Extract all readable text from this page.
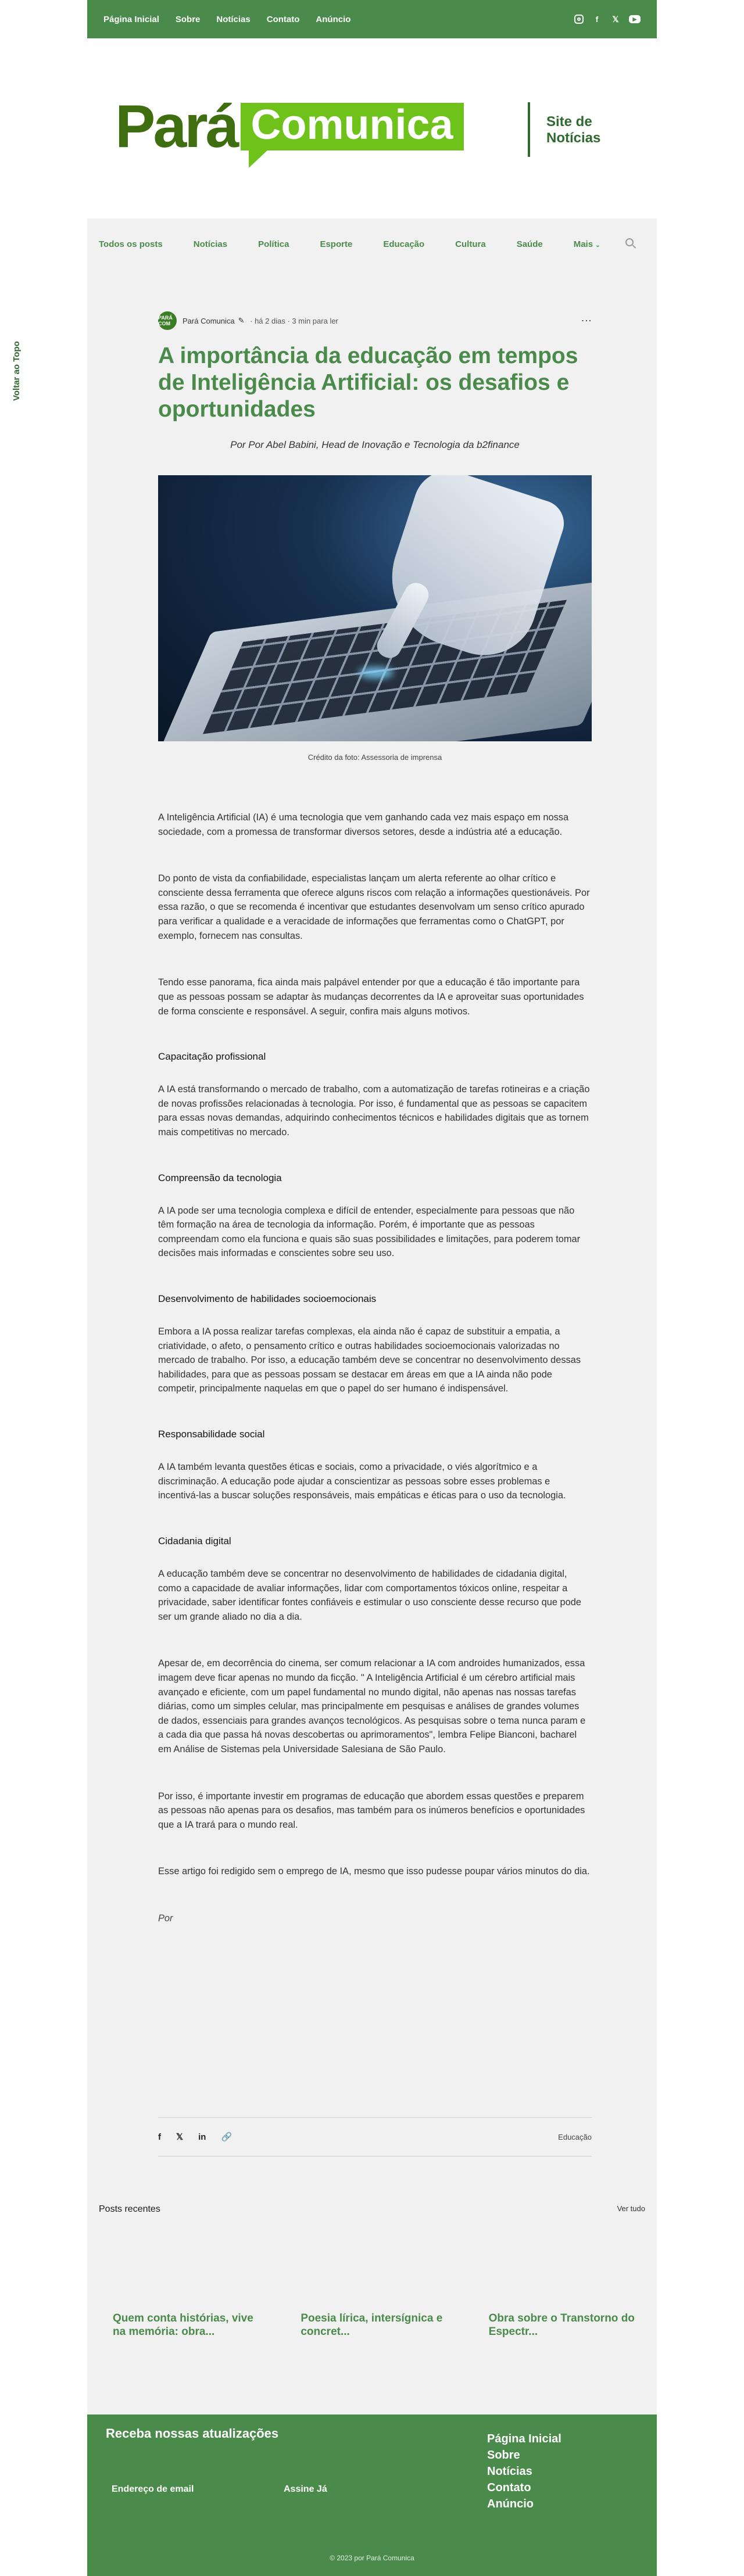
Página Inicial Sobre Notícias Contato Anúncio	f	𝕏	▶
Pará Comunica	Site de
Notícias
Voltar ao Topo
Todos os posts	Notícias	Política	Esporte	Educação	Cultura	Saúde	Mais ⌄
PARÁ COM	Pará Comunica ✎ · há 2 dias · 3 min para ler	⋮
A importância da educação em tempos de Inteligência Artificial: os desafios e oportunidades

Por Por Abel Babini, Head de Inovação e Tecnologia da b2finance

Crédito da foto: Assessoria de imprensa

A Inteligência Artificial (IA) é uma tecnologia que vem ganhando cada vez mais espaço em nossa sociedade, com a promessa de transformar diversos setores, desde a indústria até a educação.

Do ponto de vista da confiabilidade, especialistas lançam um alerta referente ao olhar crítico e consciente dessa ferramenta que oferece alguns riscos com relação a informações questionáveis. Por essa razão, o que se recomenda é incentivar que estudantes desenvolvam um senso crítico apurado para verificar a qualidade e a veracidade de informações que ferramentas como o ChatGPT, por exemplo, fornecem nas consultas.

Tendo esse panorama, fica ainda mais palpável entender por que a educação é tão importante para que as pessoas possam se adaptar às mudanças decorrentes da IA e aproveitar suas oportunidades de forma consciente e responsável. A seguir, confira mais alguns motivos.

Capacitação profissional

A IA está transformando o mercado de trabalho, com a automatização de tarefas rotineiras e a criação de novas profissões relacionadas à tecnologia. Por isso, é fundamental que as pessoas se capacitem para essas novas demandas, adquirindo conhecimentos técnicos e habilidades digitais que as tornem mais competitivas no mercado.

Compreensão da tecnologia

A IA pode ser uma tecnologia complexa e difícil de entender, especialmente para pessoas que não têm formação na área de tecnologia da informação. Porém, é importante que as pessoas compreendam como ela funciona e quais são suas possibilidades e limitações, para poderem tomar decisões mais informadas e conscientes sobre seu uso.

Desenvolvimento de habilidades socioemocionais

Embora a IA possa realizar tarefas complexas, ela ainda não é capaz de substituir a empatia, a criatividade, o afeto, o pensamento crítico e outras habilidades socioemocionais valorizadas no mercado de trabalho. Por isso, a educação também deve se concentrar no desenvolvimento dessas habilidades, para que as pessoas possam se destacar em áreas em que a IA ainda não pode competir, principalmente naquelas em que o papel do ser humano é indispensável.

Responsabilidade social

A IA também levanta questões éticas e sociais, como a privacidade, o viés algorítmico e a discriminação. A educação pode ajudar a conscientizar as pessoas sobre esses problemas e incentivá-las a buscar soluções responsáveis, mais empáticas e éticas para o uso da tecnologia.

Cidadania digital

A educação também deve se concentrar no desenvolvimento de habilidades de cidadania digital, como a capacidade de avaliar informações, lidar com comportamentos tóxicos online, respeitar a privacidade, saber identificar fontes confiáveis e estimular o uso consciente desse recurso que pode ser um grande aliado no dia a dia.

Apesar de, em decorrência do cinema, ser comum relacionar a IA com androides humanizados, essa imagem deve ficar apenas no mundo da ficção. " A Inteligência Artificial é um cérebro artificial mais avançado e eficiente, com um papel fundamental no mundo digital, não apenas nas nossas tarefas diárias, como um simples celular, mas principalmente em pesquisas e análises de grandes volumes de dados, essenciais para grandes avanços tecnológicos. As pesquisas sobre o tema nunca param e a cada dia que passa há novas descobertas ou aprimoramentos", lembra Felipe Bianconi, bacharel em Análise de Sistemas pela Universidade Salesiana de São Paulo.

Por isso, é importante investir em programas de educação que abordem essas questões e preparem as pessoas não apenas para os desafios, mas também para os inúmeros benefícios e oportunidades que a IA trará para o mundo real.

Esse artigo foi redigido sem o emprego de IA, mesmo que isso pudesse poupar vários minutos do dia.

Por

f 𝕏 in 🔗	Educação
Posts recentes	Ver tudo
Quem conta histórias, vive na memória: obra...
Poesia lírica, intersígnica e concret...
Obra sobre o Transtorno do Espectr...
Receba nossas atualizações
Endereço de email	Assine Já
Página Inicial
Sobre
Notícias
Contato
Anúncio
© 2023 por Pará Comunica
